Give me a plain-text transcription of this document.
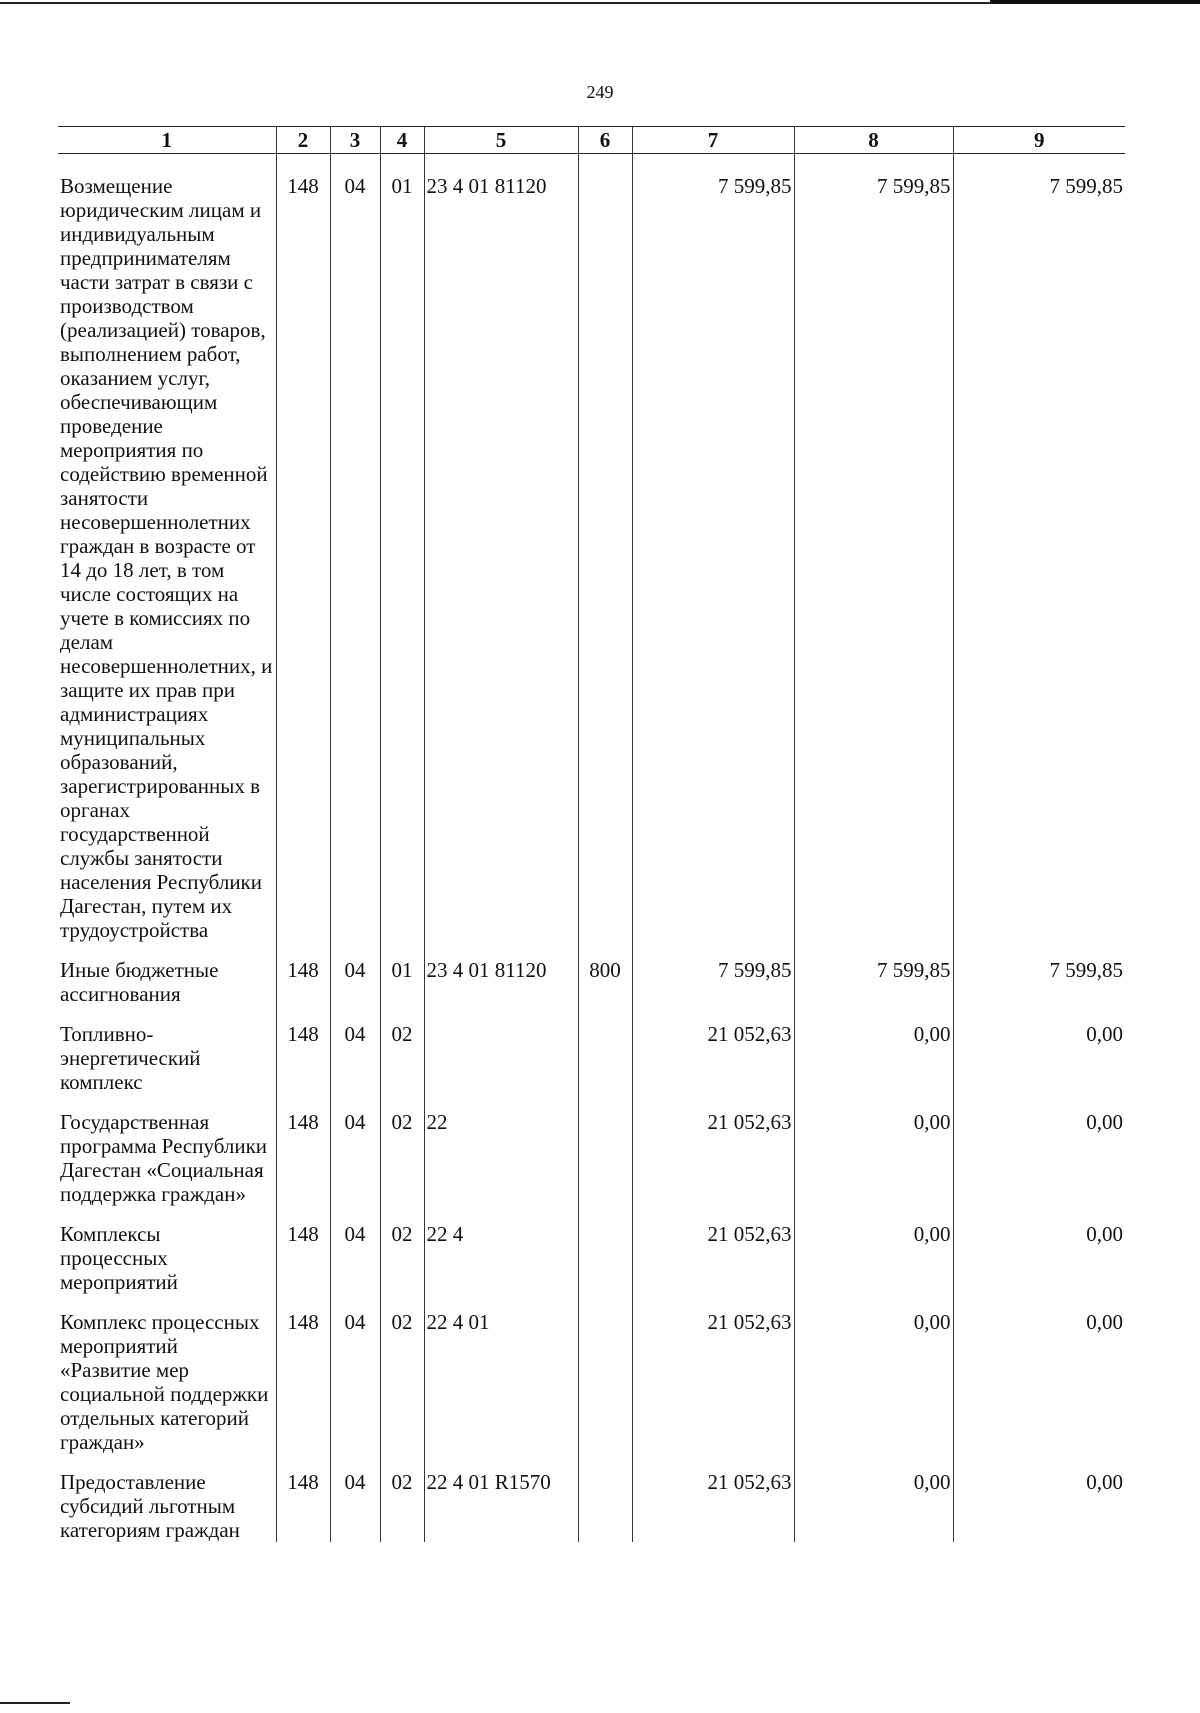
249
1	2	3	4	5	6	7	8	9
Возмещение юридическим лицам и индивидуальным предпринимателям части затрат в связи с производством (реализацией) товаров, выполнением работ, оказанием услуг, обеспечивающим проведение мероприятия по содействию временной занятости несовершеннолетних граждан в возрасте от 14 до 18 лет, в том числе состоящих на учете в комиссиях по делам несовершеннолетних, и защите их прав при администрациях муниципальных образований, зарегистрированных в органах государственной службы занятости населения Республики Дагестан, путем их трудоустройства	148	04	01	23 4 01 81120		7 599,85	7 599,85	7 599,85

Иные бюджетные ассигнования	148	04	01	23 4 01 81120	800	7 599,85	7 599,85	7 599,85

Топливно-энергетический комплекс	148	04	02			21 052,63	0,00	0,00

Государственная программа Республики Дагестан «Социальная поддержка граждан»	148	04	02	22		21 052,63	0,00	0,00

Комплексы процессных мероприятий	148	04	02	22 4		21 052,63	0,00	0,00

Комплекс процессных мероприятий «Развитие мер социальной поддержки отдельных категорий граждан»	148	04	02	22 4 01		21 052,63	0,00	0,00

Предоставление субсидий льготным категориям граждан	148	04	02	22 4 01 R1570		21 052,63	0,00	0,00
